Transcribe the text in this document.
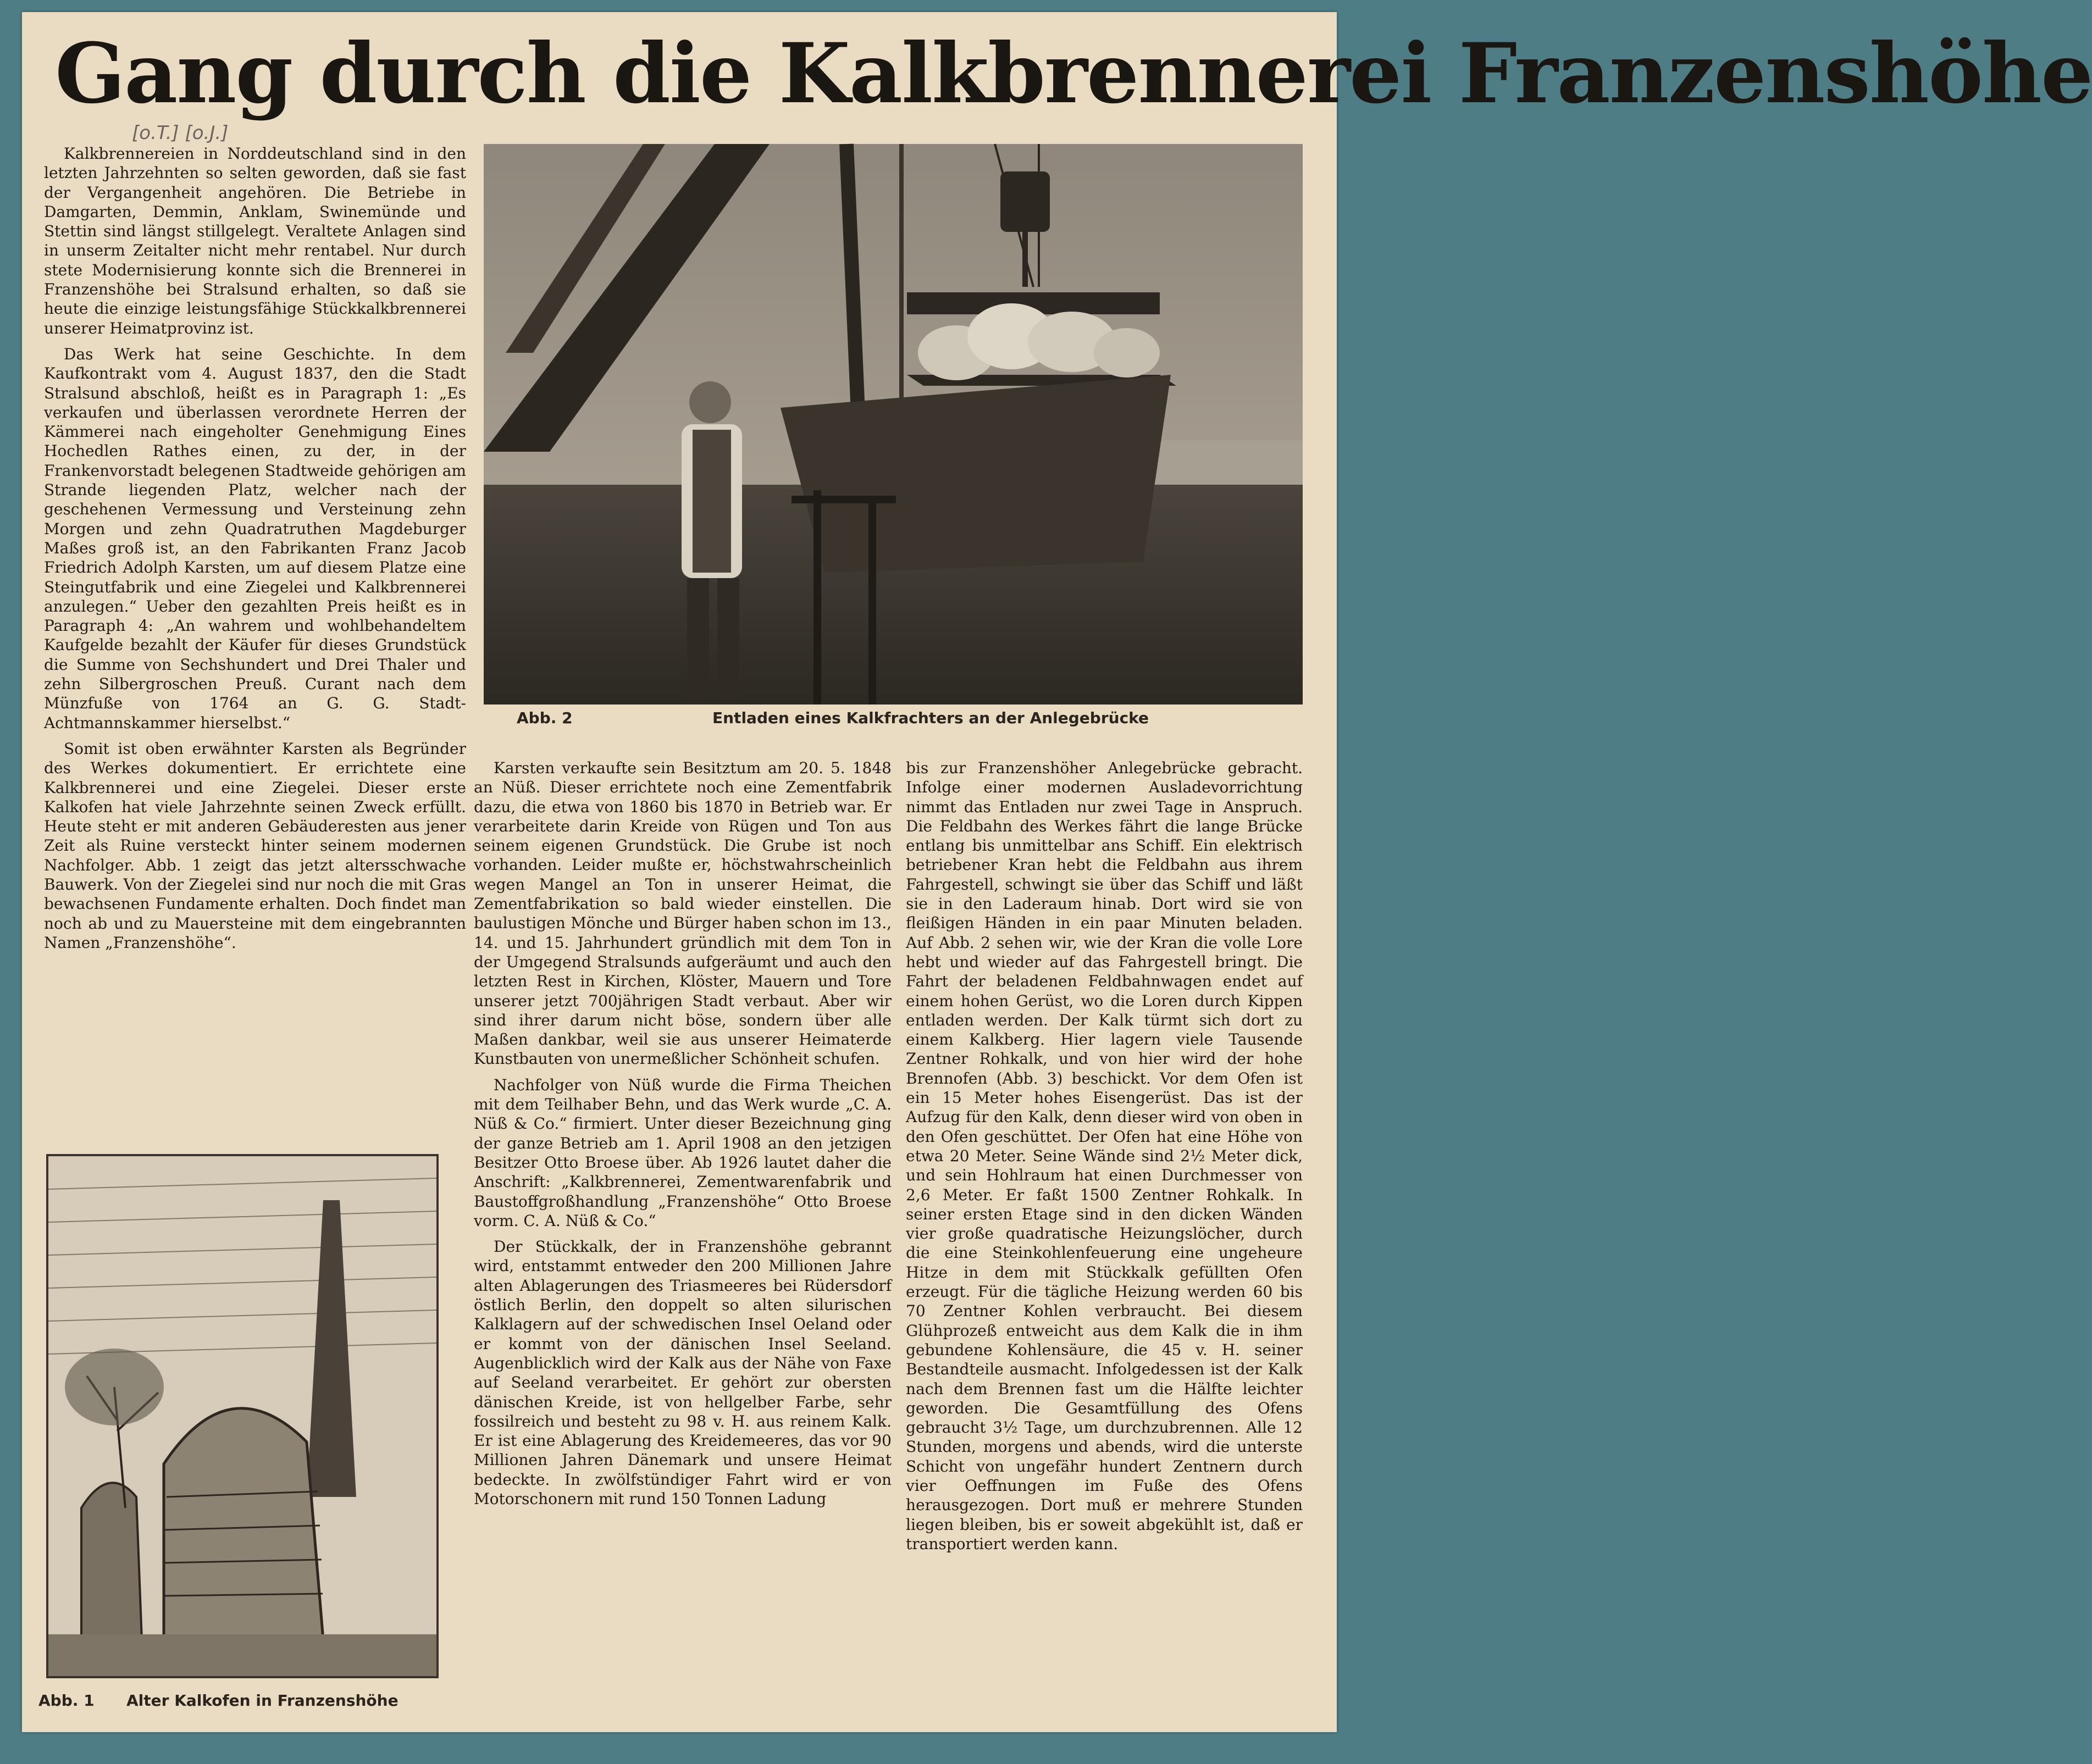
Gang durch die Kalkbrennerei Franzenshöhe
[o.T.] [o.J.]

Kalkbrennereien in Norddeutschland sind in den letzten Jahrzehnten so selten geworden, daß sie fast der Vergangenheit angehören. Die Betriebe in Damgarten, Demmin, Anklam, Swinemünde und Stettin sind längst stillgelegt. Veraltete Anlagen sind in unserm Zeitalter nicht mehr rentabel. Nur durch stete Modernisierung konnte sich die Brennerei in Franzenshöhe bei Stralsund erhalten, so daß sie heute die einzige leistungsfähige Stückkalkbrennerei unserer Heimatprovinz ist.

Das Werk hat seine Geschichte. In dem Kaufkontrakt vom 4. August 1837, den die Stadt Stralsund abschloß, heißt es in Paragraph 1: „Es verkaufen und überlassen verordnete Herren der Kämmerei nach eingeholter Genehmigung Eines Hochedlen Rathes einen, zu der, in der Frankenvorstadt belegenen Stadtweide gehörigen am Strande liegenden Platz, welcher nach der geschehenen Vermessung und Versteinung zehn Morgen und zehn Quadratruthen Magdeburger Maßes groß ist, an den Fabrikanten Franz Jacob Friedrich Adolph Karsten, um auf diesem Platze eine Steingutfabrik und eine Ziegelei und Kalkbrennerei anzulegen.“ Ueber den gezahlten Preis heißt es in Paragraph 4: „An wahrem und wohlbehandeltem Kaufgelde bezahlt der Käufer für dieses Grundstück die Summe von Sechshundert und Drei Thaler und zehn Silbergroschen Preuß. Curant nach dem Münzfuße von 1764 an G. G. Stadt-Achtmannskammer hierselbst.“

Somit ist oben erwähnter Karsten als Begründer des Werkes dokumentiert. Er errichtete eine Kalkbrennerei und eine Ziegelei. Dieser erste Kalkofen hat viele Jahrzehnte seinen Zweck erfüllt. Heute steht er mit anderen Gebäuderesten aus jener Zeit als Ruine versteckt hinter seinem modernen Nachfolger. Abb. 1 zeigt das jetzt altersschwache Bauwerk. Von der Ziegelei sind nur noch die mit Gras bewachsenen Fundamente erhalten. Doch findet man noch ab und zu Mauersteine mit dem eingebrannten Namen „Franzenshöhe“.

Karsten verkaufte sein Besitztum am 20. 5. 1848 an Nüß. Dieser errichtete noch eine Zementfabrik dazu, die etwa von 1860 bis 1870 in Betrieb war. Er verarbeitete darin Kreide von Rügen und Ton aus seinem eigenen Grundstück. Die Grube ist noch vorhanden. Leider mußte er, höchstwahrscheinlich wegen Mangel an Ton in unserer Heimat, die Zementfabrikation so bald wieder einstellen. Die baulustigen Mönche und Bürger haben schon im 13., 14. und 15. Jahrhundert gründlich mit dem Ton in der Umgegend Stralsunds aufgeräumt und auch den letzten Rest in Kirchen, Klöster, Mauern und Tore unserer jetzt 700jährigen Stadt verbaut. Aber wir sind ihrer darum nicht böse, sondern über alle Maßen dankbar, weil sie aus unserer Heimaterde Kunstbauten von unermeßlicher Schönheit schufen.

Nachfolger von Nüß wurde die Firma Theichen mit dem Teilhaber Behn, und das Werk wurde „C. A. Nüß & Co.“ firmiert. Unter dieser Bezeichnung ging der ganze Betrieb am 1. April 1908 an den jetzigen Besitzer Otto Broese über. Ab 1926 lautet daher die Anschrift: „Kalkbrennerei, Zementwarenfabrik und Baustoffgroßhandlung „Franzenshöhe“ Otto Broese vorm. C. A. Nüß & Co.“

Der Stückkalk, der in Franzenshöhe gebrannt wird, entstammt entweder den 200 Millionen Jahre alten Ablagerungen des Triasmeeres bei Rüdersdorf östlich Berlin, den doppelt so alten silurischen Kalklagern auf der schwedischen Insel Oeland oder er kommt von der dänischen Insel Seeland. Augenblicklich wird der Kalk aus der Nähe von Faxe auf Seeland verarbeitet. Er gehört zur obersten dänischen Kreide, ist von hellgelber Farbe, sehr fossilreich und besteht zu 98 v. H. aus reinem Kalk. Er ist eine Ablagerung des Kreidemeeres, das vor 90 Millionen Jahren Dänemark und unsere Heimat bedeckte. In zwölfstündiger Fahrt wird er von Motorschonern mit rund 150 Tonnen Ladung

bis zur Franzenshöher Anlegebrücke gebracht. Infolge einer modernen Ausladevorrichtung nimmt das Entladen nur zwei Tage in Anspruch. Die Feldbahn des Werkes fährt die lange Brücke entlang bis unmittelbar ans Schiff. Ein elektrisch betriebener Kran hebt die Feldbahn aus ihrem Fahrgestell, schwingt sie über das Schiff und läßt sie in den Laderaum hinab. Dort wird sie von fleißigen Händen in ein paar Minuten beladen. Auf Abb. 2 sehen wir, wie der Kran die volle Lore hebt und wieder auf das Fahrgestell bringt. Die Fahrt der beladenen Feldbahnwagen endet auf einem hohen Gerüst, wo die Loren durch Kippen entladen werden. Der Kalk türmt sich dort zu einem Kalkberg. Hier lagern viele Tausende Zentner Rohkalk, und von hier wird der hohe Brennofen (Abb. 3) beschickt. Vor dem Ofen ist ein 15 Meter hohes Eisengerüst. Das ist der Aufzug für den Kalk, denn dieser wird von oben in den Ofen geschüttet. Der Ofen hat eine Höhe von etwa 20 Meter. Seine Wände sind 2½ Meter dick, und sein Hohlraum hat einen Durchmesser von 2,6 Meter. Er faßt 1500 Zentner Rohkalk. In seiner ersten Etage sind in den dicken Wänden vier große quadratische Heizungslöcher, durch die eine Steinkohlenfeuerung eine ungeheure Hitze in dem mit Stückkalk gefüllten Ofen erzeugt. Für die tägliche Heizung werden 60 bis 70 Zentner Kohlen verbraucht. Bei diesem Glühprozeß entweicht aus dem Kalk die in ihm gebundene Kohlensäure, die 45 v. H. seiner Bestandteile ausmacht. Infolgedessen ist der Kalk nach dem Brennen fast um die Hälfte leichter geworden. Die Gesamtfüllung des Ofens gebraucht 3½ Tage, um durchzubrennen. Alle 12 Stunden, morgens und abends, wird die unterste Schicht von ungefähr hundert Zentnern durch vier Oeffnungen im Fuße des Ofens herausgezogen. Dort muß er mehrere Stunden liegen bleiben, bis er soweit abgekühlt ist, daß er transportiert werden kann.

Abb. 2	Entladen eines Kalkfrachters an der Anlegebrücke
Abb. 1 Alter Kalkofen in Franzenshöhe
